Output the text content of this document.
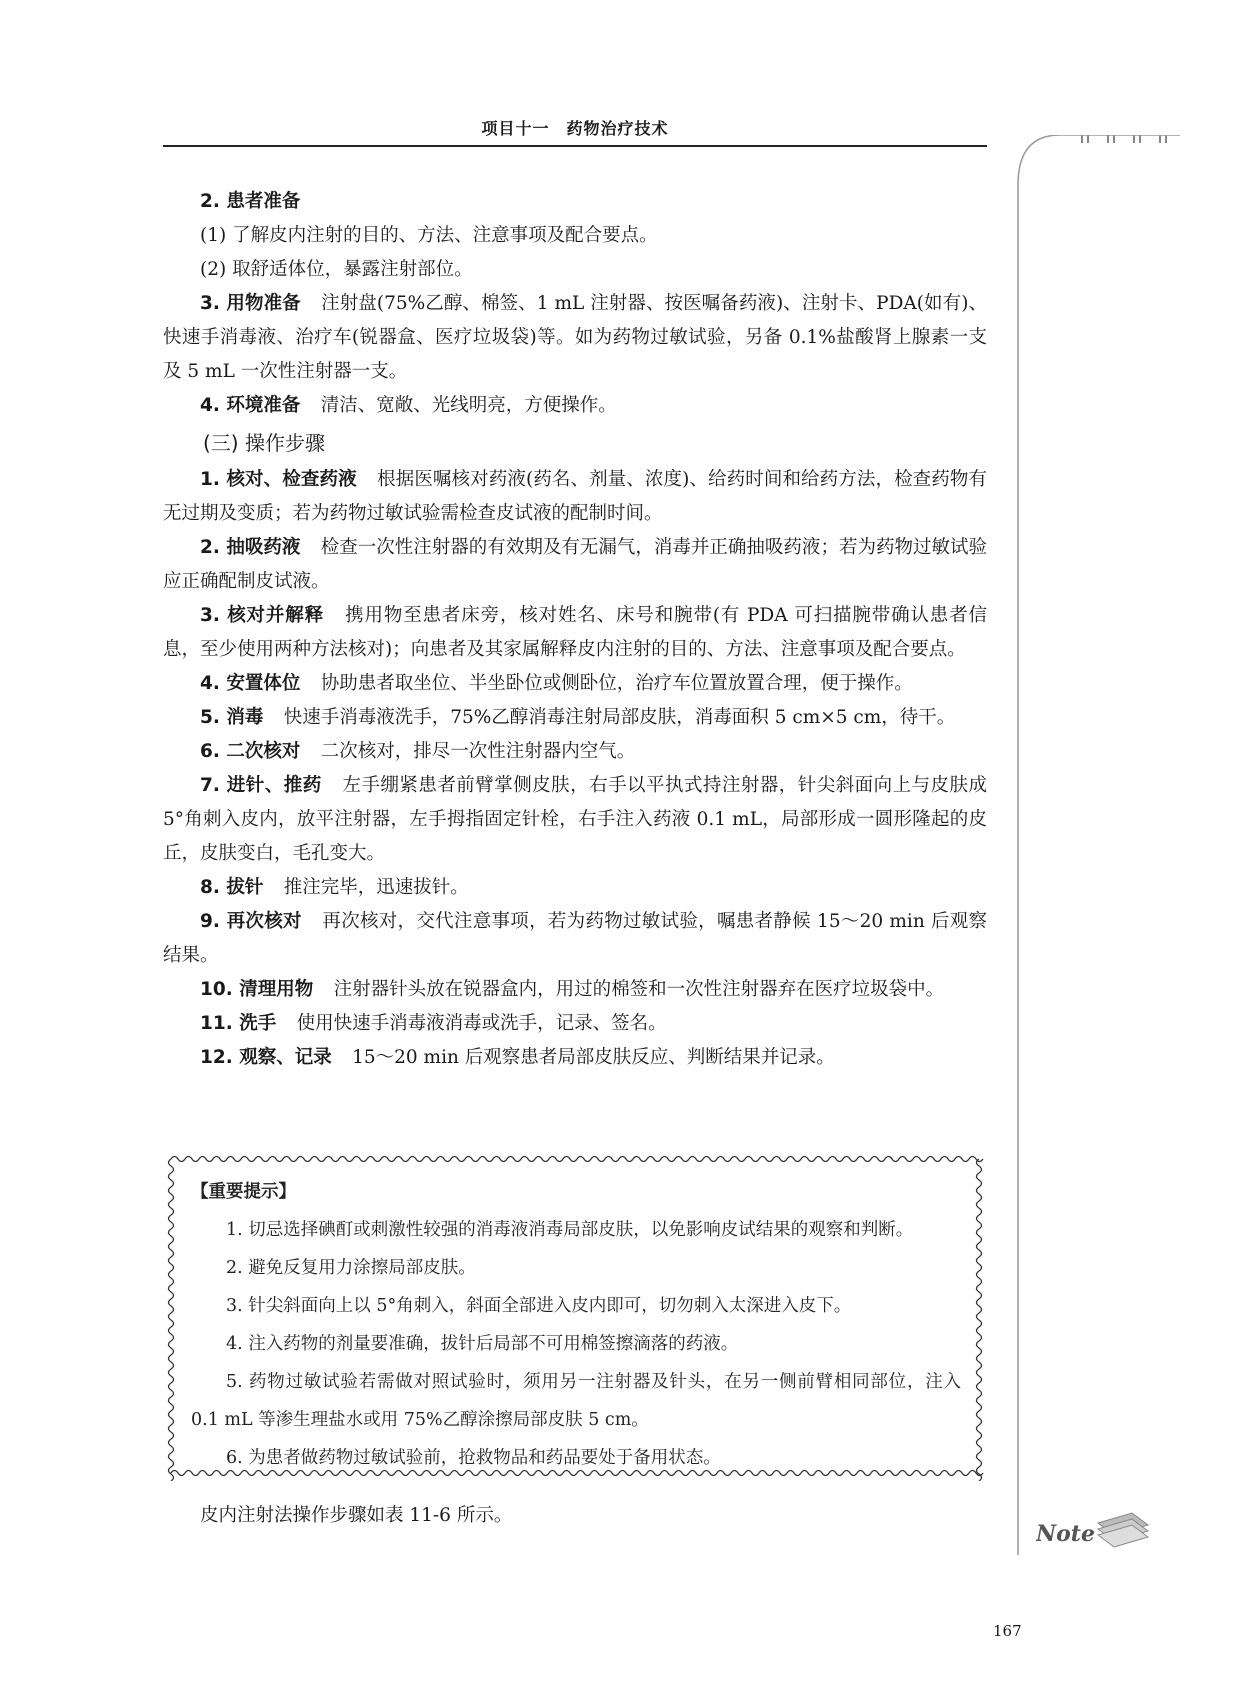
项目十一　药物治疗技术
Note
167

2. 患者准备

(1) 了解皮内注射的目的、方法、注意事项及配合要点。

(2) 取舒适体位，暴露注射部位。

3. 用物准备 注射盘(75%乙醇、棉签、1 mL 注射器、按医嘱备药液)、注射卡、PDA(如有)、快速手消毒液、治疗车(锐器盒、医疗垃圾袋)等。如为药物过敏试验，另备 0.1%盐酸肾上腺素一支及 5 mL 一次性注射器一支。

4. 环境准备 清洁、宽敞、光线明亮，方便操作。

(三) 操作步骤

1. 核对、检查药液 根据医嘱核对药液(药名、剂量、浓度)、给药时间和给药方法，检查药物有无过期及变质；若为药物过敏试验需检查皮试液的配制时间。

2. 抽吸药液 检查一次性注射器的有效期及有无漏气，消毒并正确抽吸药液；若为药物过敏试验应正确配制皮试液。

3. 核对并解释 携用物至患者床旁，核对姓名、床号和腕带(有 PDA 可扫描腕带确认患者信息，至少使用两种方法核对)；向患者及其家属解释皮内注射的目的、方法、注意事项及配合要点。

4. 安置体位 协助患者取坐位、半坐卧位或侧卧位，治疗车位置放置合理，便于操作。

5. 消毒 快速手消毒液洗手，75%乙醇消毒注射局部皮肤，消毒面积 5 cm×5 cm，待干。

6. 二次核对 二次核对，排尽一次性注射器内空气。

7. 进针、推药 左手绷紧患者前臂掌侧皮肤，右手以平执式持注射器，针尖斜面向上与皮肤成 5°角刺入皮内，放平注射器，左手拇指固定针栓，右手注入药液 0.1 mL，局部形成一圆形隆起的皮丘，皮肤变白，毛孔变大。

8. 拔针 推注完毕，迅速拔针。

9. 再次核对 再次核对，交代注意事项，若为药物过敏试验，嘱患者静候 15～20 min 后观察结果。

10. 清理用物 注射器针头放在锐器盒内，用过的棉签和一次性注射器弃在医疗垃圾袋中。

11. 洗手 使用快速手消毒液消毒或洗手，记录、签名。

12. 观察、记录 15～20 min 后观察患者局部皮肤反应、判断结果并记录。

【重要提示】

1. 切忌选择碘酊或刺激性较强的消毒液消毒局部皮肤，以免影响皮试结果的观察和判断。

2. 避免反复用力涂擦局部皮肤。

3. 针尖斜面向上以 5°角刺入，斜面全部进入皮内即可，切勿刺入太深进入皮下。

4. 注入药物的剂量要准确，拔针后局部不可用棉签擦滴落的药液。

5. 药物过敏试验若需做对照试验时，须用另一注射器及针头，在另一侧前臂相同部位，注入 0.1 mL 等渗生理盐水或用 75%乙醇涂擦局部皮肤 5 cm。

6. 为患者做药物过敏试验前，抢救物品和药品要处于备用状态。

皮内注射法操作步骤如表 11-6 所示。
